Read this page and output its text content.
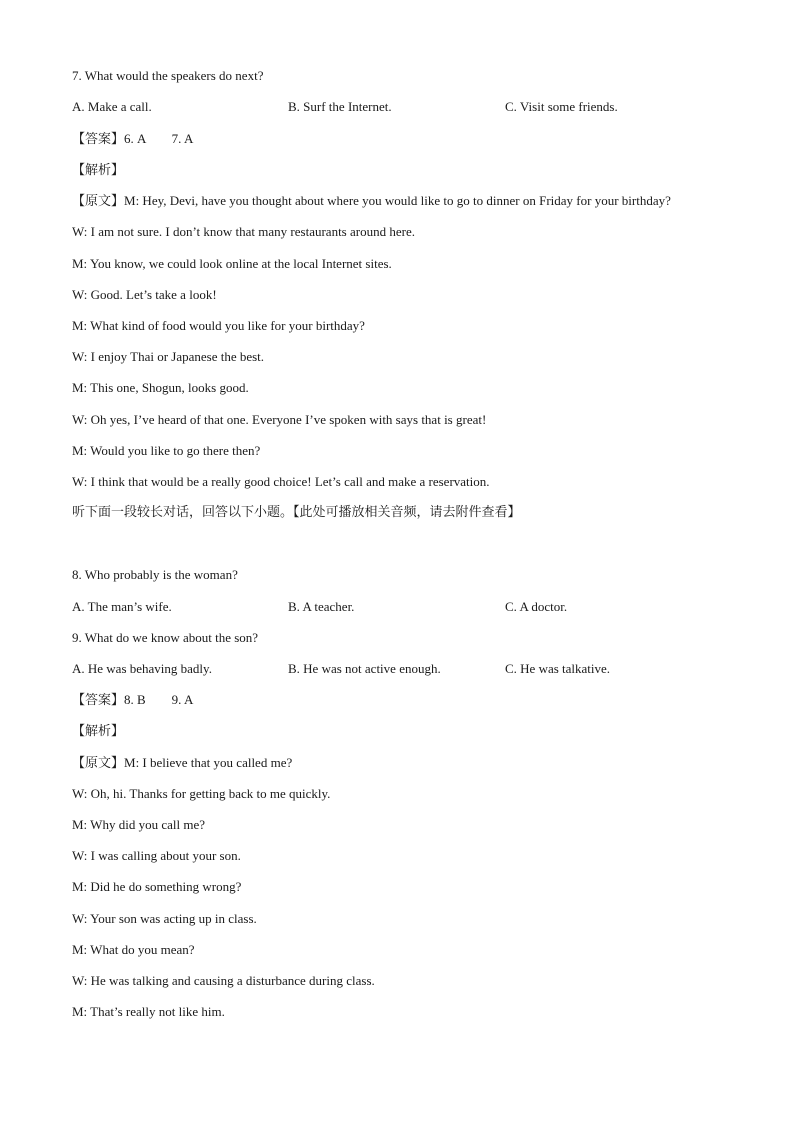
7. What would the speakers do next?
A. Make a call.	B. Surf the Internet.	C. Visit some friends.
【答案】6. A        7. A
【解析】
【原文】M: Hey, Devi, have you thought about where you would like to go to dinner on Friday for your birthday?
W: I am not sure. I don’t know that many restaurants around here.
M: You know, we could look online at the local Internet sites.
W: Good. Let’s take a look!
M: What kind of food would you like for your birthday?
W: I enjoy Thai or Japanese the best.
M: This one, Shogun, looks good.
W: Oh yes, I’ve heard of that one. Everyone I’ve spoken with says that is great!
M: Would you like to go there then?
W: I think that would be a really good choice! Let’s call and make a reservation.
听下面一段较长对话，回答以下小题。【此处可播放相关音频，请去附件查看】
8. Who probably is the woman?
A. The man’s wife.	B. A teacher.	C. A doctor.
9. What do we know about the son?
A. He was behaving badly.	B. He was not active enough.	C. He was talkative.
【答案】8. B        9. A
【解析】
【原文】M: I believe that you called me?
W: Oh, hi. Thanks for getting back to me quickly.
M: Why did you call me?
W: I was calling about your son.
M: Did he do something wrong?
W: Your son was acting up in class.
M: What do you mean?
W: He was talking and causing a disturbance during class.
M: That’s really not like him.
